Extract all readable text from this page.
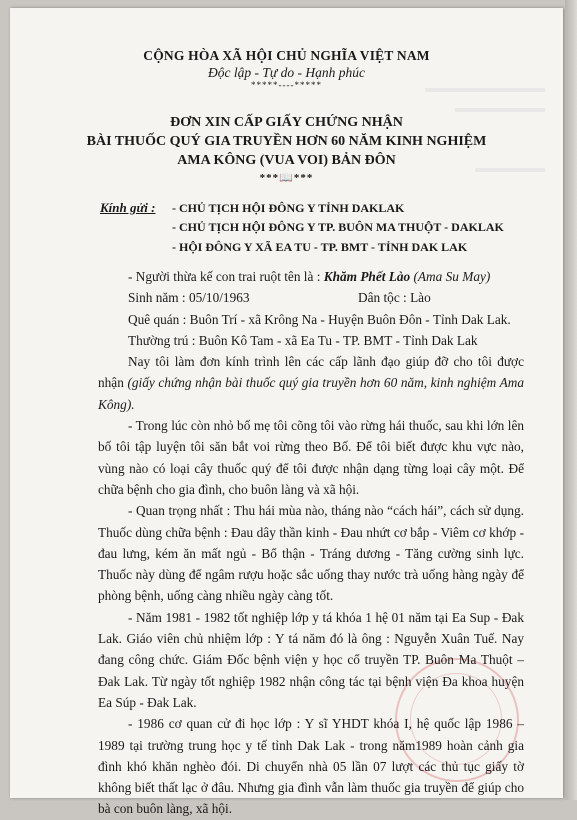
CỘNG HÒA XÃ HỘI CHỦ NGHĨA VIỆT NAM
Độc lập - Tự do - Hạnh phúc
*****----*****
ĐƠN XIN CẤP GIẤY CHỨNG NHẬN
BÀI THUỐC QUÝ GIA TRUYỀN HƠN 60 NĂM KINH NGHIỆM
AMA KÔNG (VUA VOI) BẢN ĐÔN
***📖***
Kính gửi :	- CHỦ TỊCH HỘI ĐÔNG Y TỈNH DAKLAK
- CHỦ TỊCH HỘI ĐÔNG Y TP. BUÔN MA THUỘT - DAKLAK
- HỘI ĐÔNG Y XÃ EA TU - TP. BMT - TỈNH DAK LAK

- Người thừa kế con trai ruột tên là : Khăm Phết Lào (Ama Su May)

Sinh năm : 05/10/1963	Dân tộc : Lào

Quê quán : Buôn Trí - xã Krông Na - Huyện Buôn Đôn - Tỉnh Dak Lak.

Thường trú : Buôn Kô Tam - xã Ea Tu - TP. BMT - Tỉnh Dak Lak

Nay tôi làm đơn kính trình lên các cấp lãnh đạo giúp đỡ cho tôi được nhận (giấy chứng nhận bài thuốc quý gia truyền hơn 60 năm, kinh nghiệm Ama Kông).

- Trong lúc còn nhỏ bố mẹ tôi cõng tôi vào rừng hái thuốc, sau khi lớn lên bố tôi tập luyện tôi săn bắt voi rừng theo Bố. Để tôi biết được khu vực nào, vùng nào có loại cây thuốc quý để tôi được nhận dạng từng loại cây một. Để chữa bệnh cho gia đình, cho buôn làng và xã hội.

- Quan trọng nhất : Thu hái mùa nào, tháng nào “cách hái”, cách sử dụng. Thuốc dùng chữa bệnh : Đau dây thần kinh - Đau nhứt cơ bắp - Viêm cơ khớp - đau lưng, kém ăn mất ngủ - Bổ thận - Tráng dương - Tăng cường sinh lực. Thuốc này dùng để ngâm rượu hoặc sắc uống thay nước trà uống hàng ngày để phòng bệnh, uống càng nhiều ngày càng tốt.

- Năm 1981 - 1982 tốt nghiệp lớp y tá khóa 1 hệ 01 năm tại Ea Sup - Đak Lak. Giáo viên chủ nhiệm lớp : Y tá năm đó là ông : Nguyễn Xuân Tuế. Nay đang công chức. Giám Đốc bệnh viện y học cổ truyền TP. Buôn Ma Thuột – Đak Lak. Từ ngày tốt nghiệp 1982 nhận công tác tại bệnh viện Đa khoa huyện Ea Súp - Đak Lak.

- 1986 cơ quan cử đi học lớp : Y sĩ YHDT khóa I, hệ quốc lập 1986 – 1989 tại trường trung học y tế tỉnh Dak Lak - trong năm1989 hoàn cảnh gia đình khó khăn nghèo đói. Di chuyển nhà 05 lần 07 lượt các thủ tục giấy tờ không biết thất lạc ở đâu. Nhưng gia đình vẫn làm thuốc gia truyền để giúp cho bà con buôn làng, xã hội.
